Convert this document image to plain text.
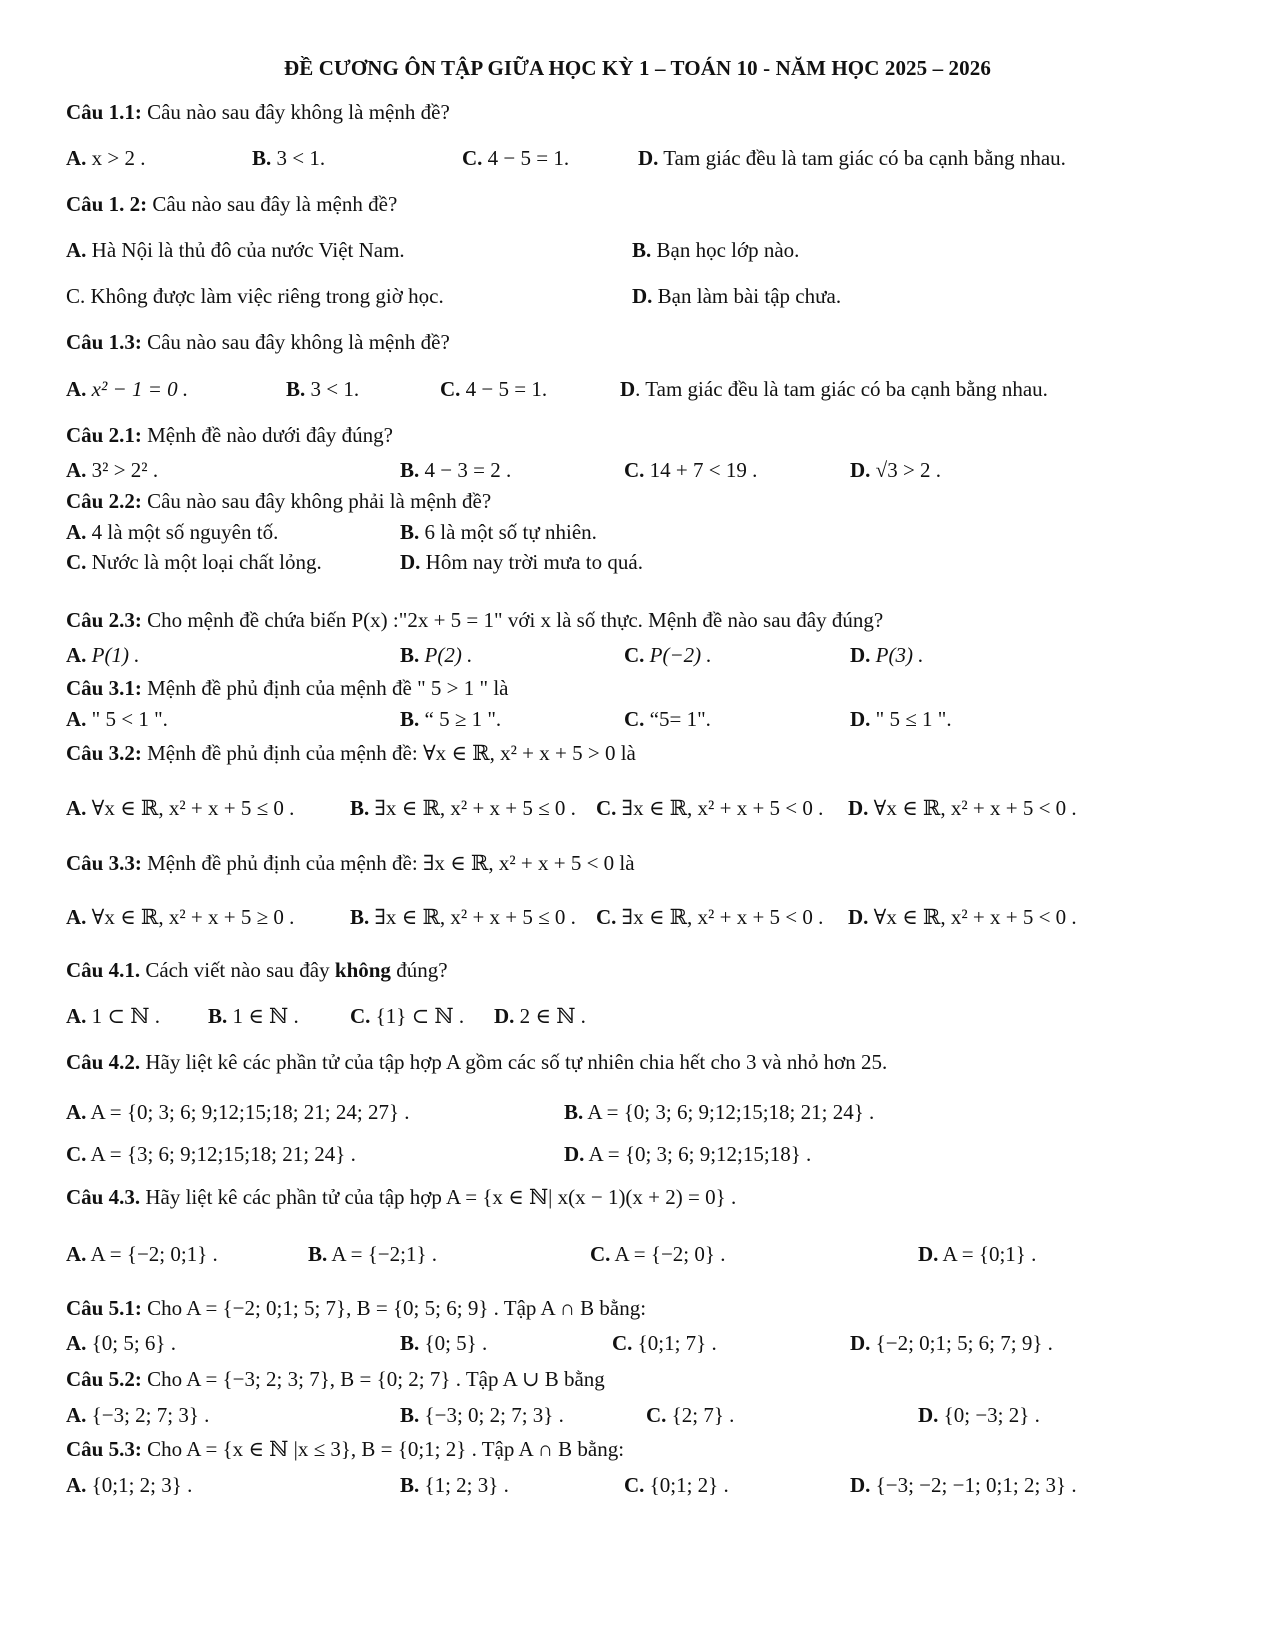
ĐỀ CƯƠNG ÔN TẬP GIỮA HỌC KỲ 1 – TOÁN 10 - NĂM HỌC 2025 – 2026
Câu 1.1: Câu nào sau đây không là mệnh đề?
A. x > 2 .	B. 3 < 1.	C. 4 − 5 = 1.	D. Tam giác đều là tam giác có ba cạnh bằng nhau.
Câu 1. 2: Câu nào sau đây là mệnh đề?
A. Hà Nội là thủ đô của nước Việt Nam.	B. Bạn học lớp nào.
C. Không được làm việc riêng trong giờ học.	D. Bạn làm bài tập chưa.
Câu 1.3: Câu nào sau đây không là mệnh đề?
A. x² − 1 = 0 .	B. 3 < 1.	C. 4 − 5 = 1.	D. Tam giác đều là tam giác có ba cạnh bằng nhau.
Câu 2.1: Mệnh đề nào dưới đây đúng?
A. 3² > 2² .	B. 4 − 3 = 2 .	C. 14 + 7 < 19 .	D. √3 > 2 .
Câu 2.2: Câu nào sau đây không phải là mệnh đề?
A. 4 là một số nguyên tố.	B. 6 là một số tự nhiên.
C. Nước là một loại chất lỏng.	D. Hôm nay trời mưa to quá.
Câu 2.3: Cho mệnh đề chứa biến P(x) :"2x + 5 = 1" với x là số thực. Mệnh đề nào sau đây đúng?
A. P(1) .	B. P(2) .	C. P(−2) .	D. P(3) .
Câu 3.1: Mệnh đề phủ định của mệnh đề " 5 > 1 " là
A. " 5 < 1 ".	B. “ 5 ≥ 1 ".	C. “5= 1".	D. " 5 ≤ 1 ".
Câu 3.2: Mệnh đề phủ định của mệnh đề: ∀x ∈ ℝ, x² + x + 5 > 0 là
A. ∀x ∈ ℝ, x² + x + 5 ≤ 0 .	B. ∃x ∈ ℝ, x² + x + 5 ≤ 0 . C. ∃x ∈ ℝ, x² + x + 5 < 0 . D. ∀x ∈ ℝ, x² + x + 5 < 0 .
Câu 3.3: Mệnh đề phủ định của mệnh đề: ∃x ∈ ℝ, x² + x + 5 < 0 là
A. ∀x ∈ ℝ, x² + x + 5 ≥ 0 .	B. ∃x ∈ ℝ, x² + x + 5 ≤ 0 . C. ∃x ∈ ℝ, x² + x + 5 < 0 . D. ∀x ∈ ℝ, x² + x + 5 < 0 .
Câu 4.1. Cách viết nào sau đây không đúng?
A. 1 ⊂ ℕ . B. 1 ∈ ℕ . C. {1} ⊂ ℕ . D. 2 ∈ ℕ .
Câu 4.2. Hãy liệt kê các phần tử của tập hợp A gồm các số tự nhiên chia hết cho 3 và nhỏ hơn 25.
A. A = {0; 3; 6; 9;12;15;18; 21; 24; 27} .	B. A = {0; 3; 6; 9;12;15;18; 21; 24} .
C. A = {3; 6; 9;12;15;18; 21; 24} .	D. A = {0; 3; 6; 9;12;15;18} .
Câu 4.3. Hãy liệt kê các phần tử của tập hợp A = {x ∈ ℕ| x(x − 1)(x + 2) = 0} .
A. A = {−2; 0;1} .	B. A = {−2;1} .	C. A = {−2; 0} .	D. A = {0;1} .
Câu 5.1: Cho A = {−2; 0;1; 5; 7}, B = {0; 5; 6; 9} . Tập A ∩ B bằng:
A. {0; 5; 6} .	B. {0; 5} .	C. {0;1; 7} .	D. {−2; 0;1; 5; 6; 7; 9} .
Câu 5.2: Cho A = {−3; 2; 3; 7}, B = {0; 2; 7} . Tập A ∪ B bằng
A. {−3; 2; 7; 3} .	B. {−3; 0; 2; 7; 3} .	C. {2; 7} .	D. {0; −3; 2} .
Câu 5.3: Cho A = {x ∈ ℕ |x ≤ 3}, B = {0;1; 2} . Tập A ∩ B bằng:
A. {0;1; 2; 3} .	B. {1; 2; 3} .	C. {0;1; 2} .	D. {−3; −2; −1; 0;1; 2; 3} .
